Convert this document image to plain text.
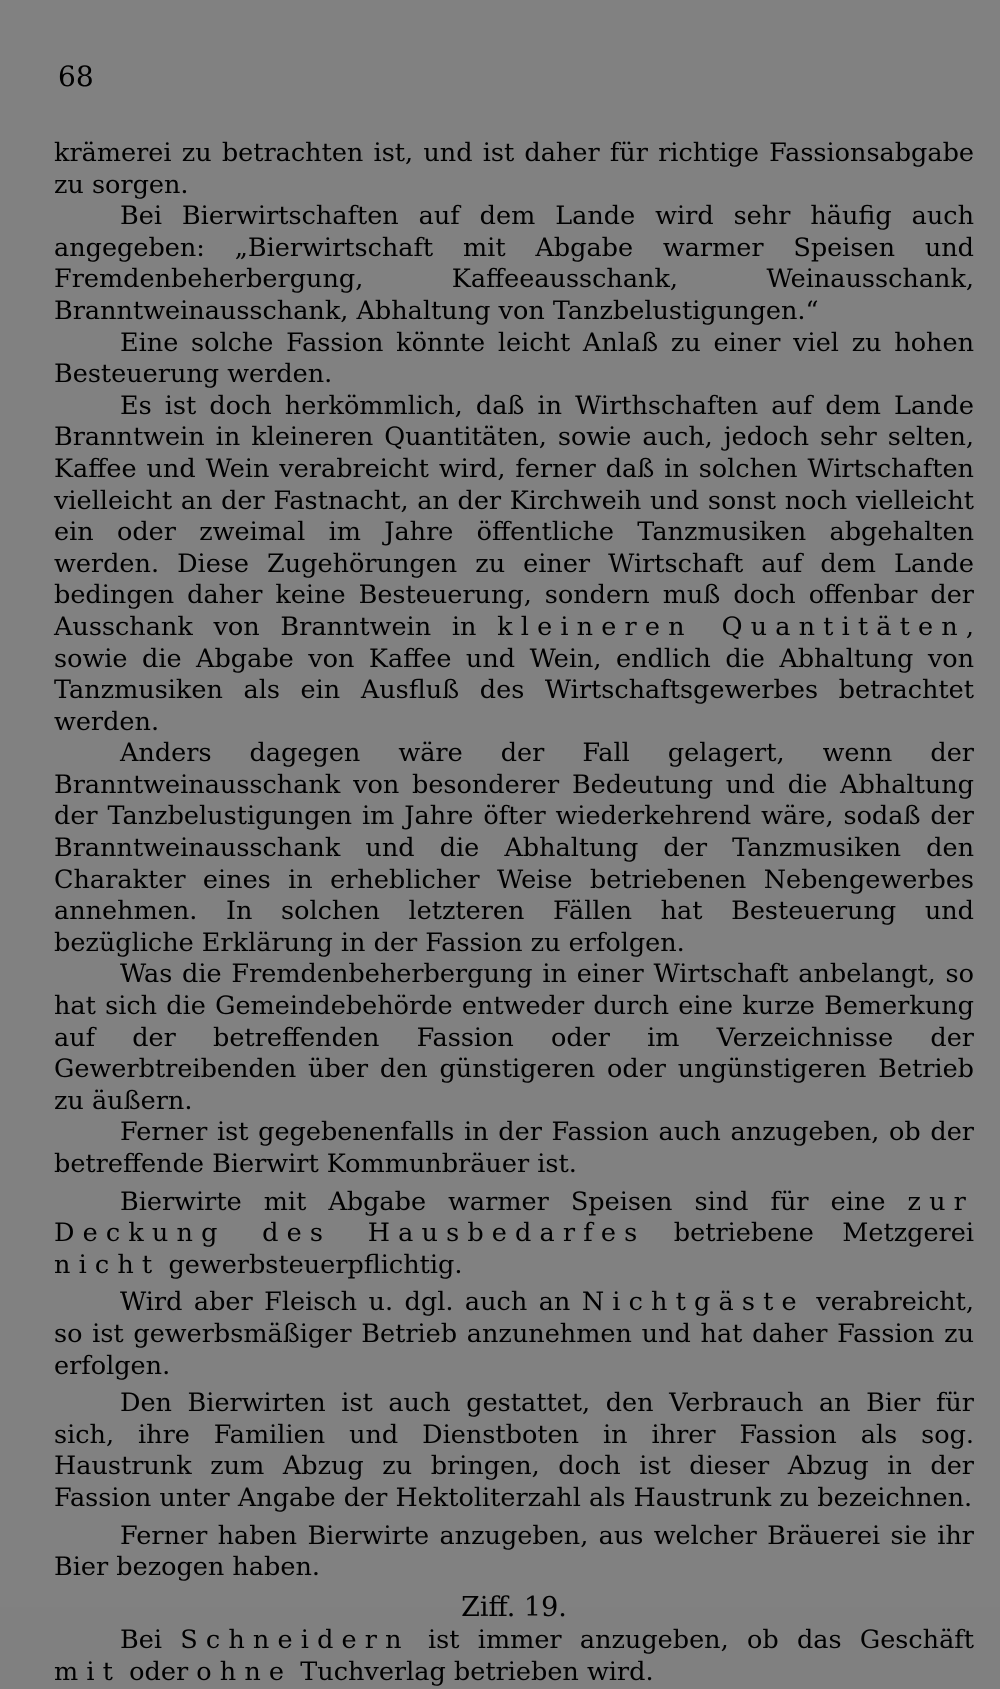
68

krämerei zu betrachten ist, und ist daher für richtige Fassionsabgabe zu sorgen.

Bei Bierwirtschaften auf dem Lande wird sehr häufig auch angegeben: „Bierwirtschaft mit Abgabe warmer Speisen und Fremdenbeherbergung, Kaffeeausschank, Weinausschank, Branntweinausschank, Abhaltung von Tanzbelustigungen.“

Eine solche Fassion könnte leicht Anlaß zu einer viel zu hohen Besteuerung werden.

Es ist doch herkömmlich, daß in Wirthschaften auf dem Lande Branntwein in kleineren Quantitäten, sowie auch, jedoch sehr selten, Kaffee und Wein verabreicht wird, ferner daß in solchen Wirtschaften vielleicht an der Fastnacht, an der Kirchweih und sonst noch vielleicht ein oder zweimal im Jahre öffentliche Tanzmusiken abgehalten werden. Diese Zugehörungen zu einer Wirtschaft auf dem Lande bedingen daher keine Besteuerung, sondern muß doch offenbar der Ausschank von Branntwein in kleineren Quantitäten, sowie die Abgabe von Kaffee und Wein, endlich die Abhaltung von Tanzmusiken als ein Ausfluß des Wirtschaftsgewerbes betrachtet werden.

Anders dagegen wäre der Fall gelagert, wenn der Branntweinausschank von besonderer Bedeutung und die Abhaltung der Tanzbelustigungen im Jahre öfter wiederkehrend wäre, sodaß der Branntweinausschank und die Abhaltung der Tanzmusiken den Charakter eines in erheblicher Weise betriebenen Nebengewerbes annehmen. In solchen letzteren Fällen hat Besteuerung und bezügliche Erklärung in der Fassion zu erfolgen.

Was die Fremdenbeherbergung in einer Wirtschaft anbelangt, so hat sich die Gemeindebehörde entweder durch eine kurze Bemerkung auf der betreffenden Fassion oder im Verzeichnisse der Gewerbtreibenden über den günstigeren oder ungünstigeren Betrieb zu äußern.

Ferner ist gegebenenfalls in der Fassion auch anzugeben, ob der betreffende Bierwirt Kommunbräuer ist.

Bierwirte mit Abgabe warmer Speisen sind für eine zur Deckung des Hausbedarfes betriebene Metzgerei nicht gewerbsteuerpflichtig.

Wird aber Fleisch u. dgl. auch an Nichtgäste verabreicht, so ist gewerbsmäßiger Betrieb anzunehmen und hat daher Fassion zu erfolgen.

Den Bierwirten ist auch gestattet, den Verbrauch an Bier für sich, ihre Familien und Dienstboten in ihrer Fassion als sog. Haustrunk zum Abzug zu bringen, doch ist dieser Abzug in der Fassion unter Angabe der Hektoliterzahl als Haustrunk zu bezeichnen.

Ferner haben Bierwirte anzugeben, aus welcher Bräuerei sie ihr Bier bezogen haben.

Ziff. 19.

Bei Schneidern ist immer anzugeben, ob das Geschäft mit oder ohne Tuchverlag betrieben wird.
